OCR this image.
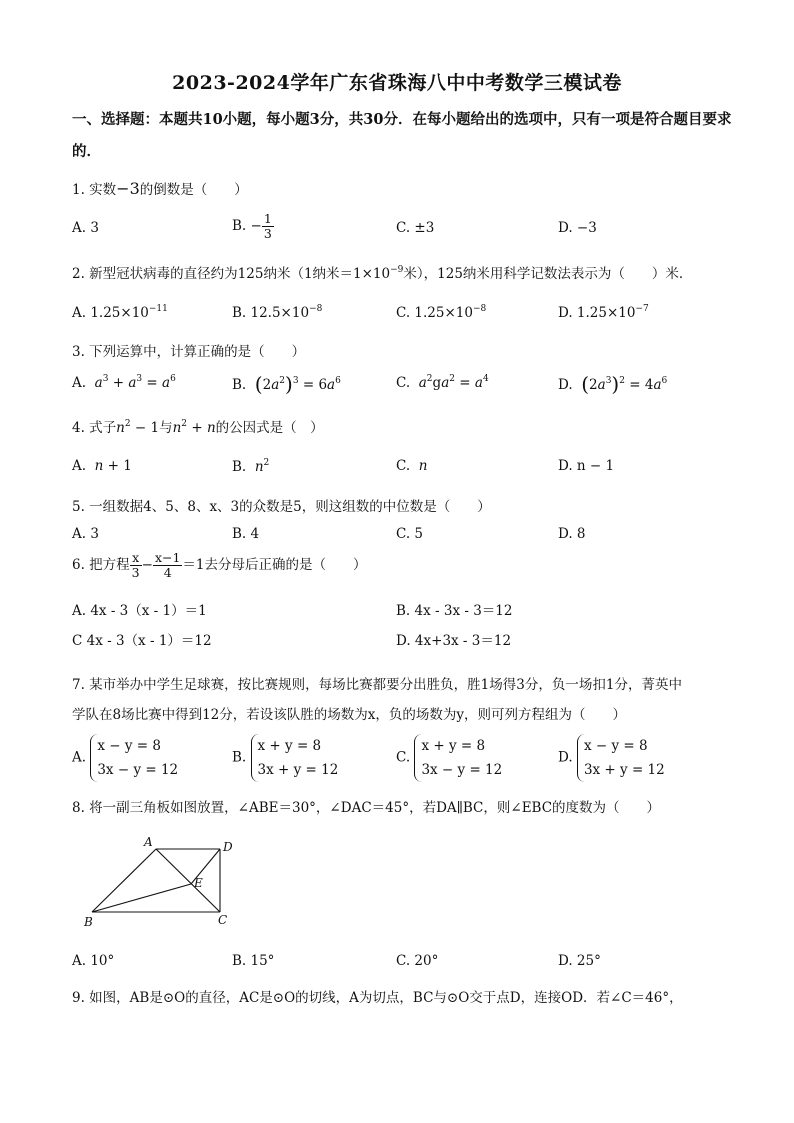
2023-2024学年广东省珠海八中中考数学三模试卷
一、选择题：本题共10小题，每小题3分，共30分．在每小题给出的选项中，只有一项是符合题目要求的．
1. 实数−3的倒数是（　　）
A. 3	B. − $\frac{1}{3}$	C. ±3	D. −3
2. 新型冠状病毒的直径约为125纳米（1纳米$=1\times 10^{-9}$米），125纳米用科学记数法表示为（　　）米．
A. $1.25\times 10^{-11}$	B. $12.5\times 10^{-8}$	C. $1.25\times 10^{-8}$	D. $1.25\times 10^{-7}$
3. 下列运算中，计算正确的是（　　）
A.  $a^3 + a^3 = a^6$	B.  $(2a^2)^3 = 6a^6$	C.  $a^2ga^2 = a^4$	D.  $(2a^3)^2 = 4a^6$
4. 式子$n^2 - 1$与$n^2 + n$的公因式是（　）
A. n + 1	B. $n^2$	C. n	D. n − 1
5. 一组数据4、5、8、x、3的众数是5，则这组数的中位数是（　　）
A. 3	B. 4	C. 5	D. 8
6. 把方程 $\frac{x}{3} - \frac{x-1}{4} =1$去分母后正确的是（　　）
A. 4x - 3（x - 1）＝1	B. 4x - 3x - 3＝12
C 4x - 3（x - 1）＝12	D. 4x+3x - 3＝12
7. 某市举办中学生足球赛，按比赛规则，每场比赛都要分出胜负，胜1场得3分，负一场扣1分，菁英中
学队在8场比赛中得到12分，若设该队胜的场数为x，负的场数为y，则可列方程组为（　　）
A.
x − y = 8
3x − y = 12
B.
x + y = 8
3x + y = 12
C.
x + y = 8
3x − y = 12
D.
x − y = 8
3x + y = 12
8. 将一副三角板如图放置，∠ABE＝30°，∠DAC＝45°，若DA∥BC，则∠EBC的度数为（　　）
A	D
E
B	C
A. 10°	B. 15°	C. 20°	D. 25°
9. 如图，AB是⊙O的直径，AC是⊙O的切线，A为切点，BC与⊙O交于点D，连接OD．若∠C＝46°，
